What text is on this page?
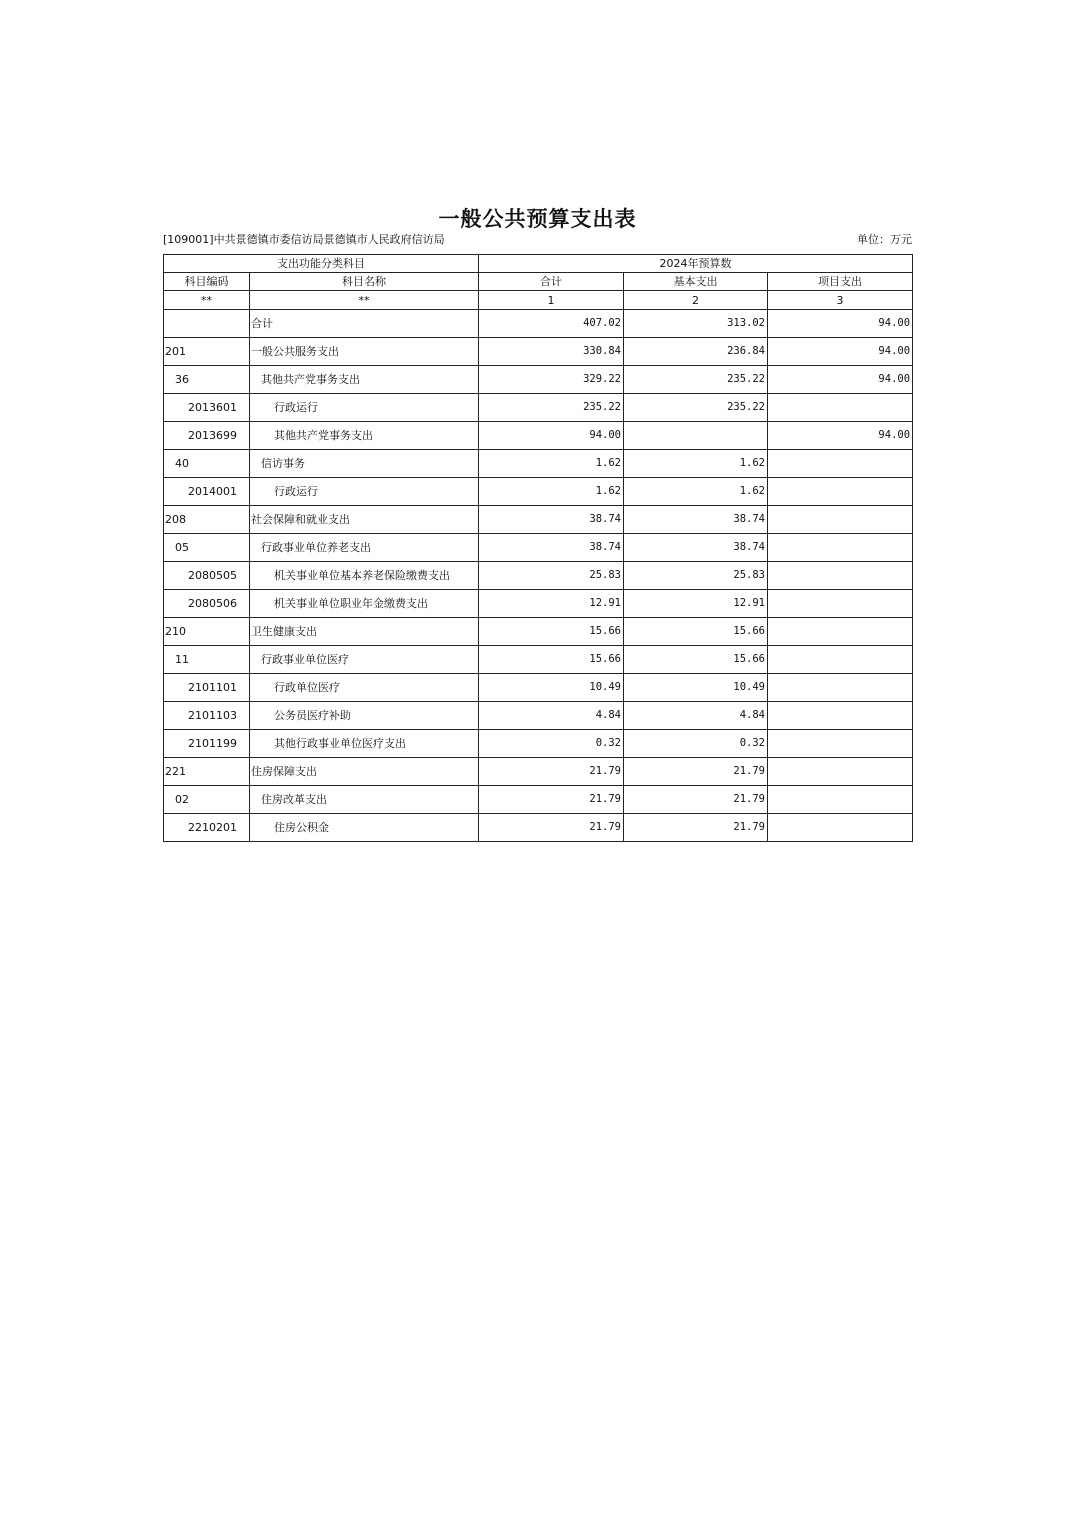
一般公共预算支出表
[109001]中共景德镇市委信访局景德镇市人民政府信访局	单位：万元
支出功能分类科目		2024年预算数		
科目编码	科目名称	合计	基本支出	项目支出
**	**	1	2	3
	合计	407.02	313.02	94.00
201	一般公共服务支出	330.84	236.84	94.00
36	其他共产党事务支出	329.22	235.22	94.00
2013601	行政运行	235.22	235.22	
2013699	其他共产党事务支出	94.00		94.00
40	信访事务	1.62	1.62	
2014001	行政运行	1.62	1.62	
208	社会保障和就业支出	38.74	38.74	
05	行政事业单位养老支出	38.74	38.74	
2080505	机关事业单位基本养老保险缴费支出	25.83	25.83	
2080506	机关事业单位职业年金缴费支出	12.91	12.91	
210	卫生健康支出	15.66	15.66	
11	行政事业单位医疗	15.66	15.66	
2101101	行政单位医疗	10.49	10.49	
2101103	公务员医疗补助	4.84	4.84	
2101199	其他行政事业单位医疗支出	0.32	0.32	
221	住房保障支出	21.79	21.79	
02	住房改革支出	21.79	21.79	
2210201	住房公积金	21.79	21.79	
